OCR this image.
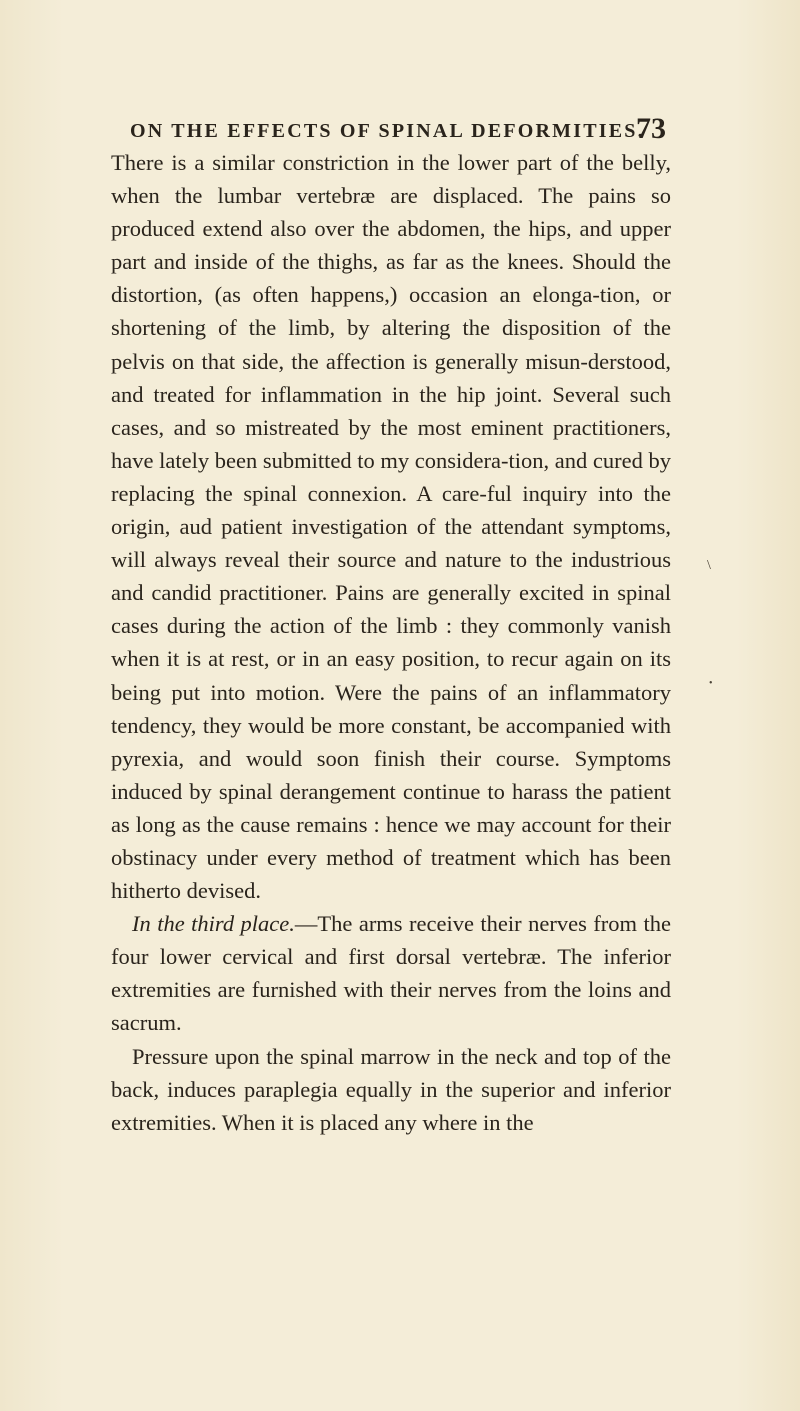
ON THE EFFECTS OF SPINAL DEFORMITIES.
73

There is a similar constriction in the lower part of the belly, when the lumbar vertebræ are displaced. The pains so produced extend also over the abdomen, the hips, and upper part and inside of the thighs, as far as the knees. Should the distortion, (as often happens,) occasion an elonga-tion, or shortening of the limb, by altering the disposition of the pelvis on that side, the affection is generally misun-derstood, and treated for inflammation in the hip joint. Several such cases, and so mistreated by the most eminent practitioners, have lately been submitted to my considera-tion, and cured by replacing the spinal connexion. A care-ful inquiry into the origin, aud patient investigation of the attendant symptoms, will always reveal their source and nature to the industrious and candid practitioner. Pains are generally excited in spinal cases during the action of the limb : they commonly vanish when it is at rest, or in an easy position, to recur again on its being put into motion. Were the pains of an inflammatory tendency, they would be more constant, be accompanied with pyrexia, and would soon finish their course. Symptoms induced by spinal derangement continue to harass the patient as long as the cause remains : hence we may account for their obstinacy under every method of treatment which has been hitherto devised.

In the third place.—The arms receive their nerves from the four lower cervical and first dorsal vertebræ. The inferior extremities are furnished with their nerves from the loins and sacrum.

Pressure upon the spinal marrow in the neck and top of the back, induces paraplegia equally in the superior and inferior extremities. When it is placed any where in the

\
•
